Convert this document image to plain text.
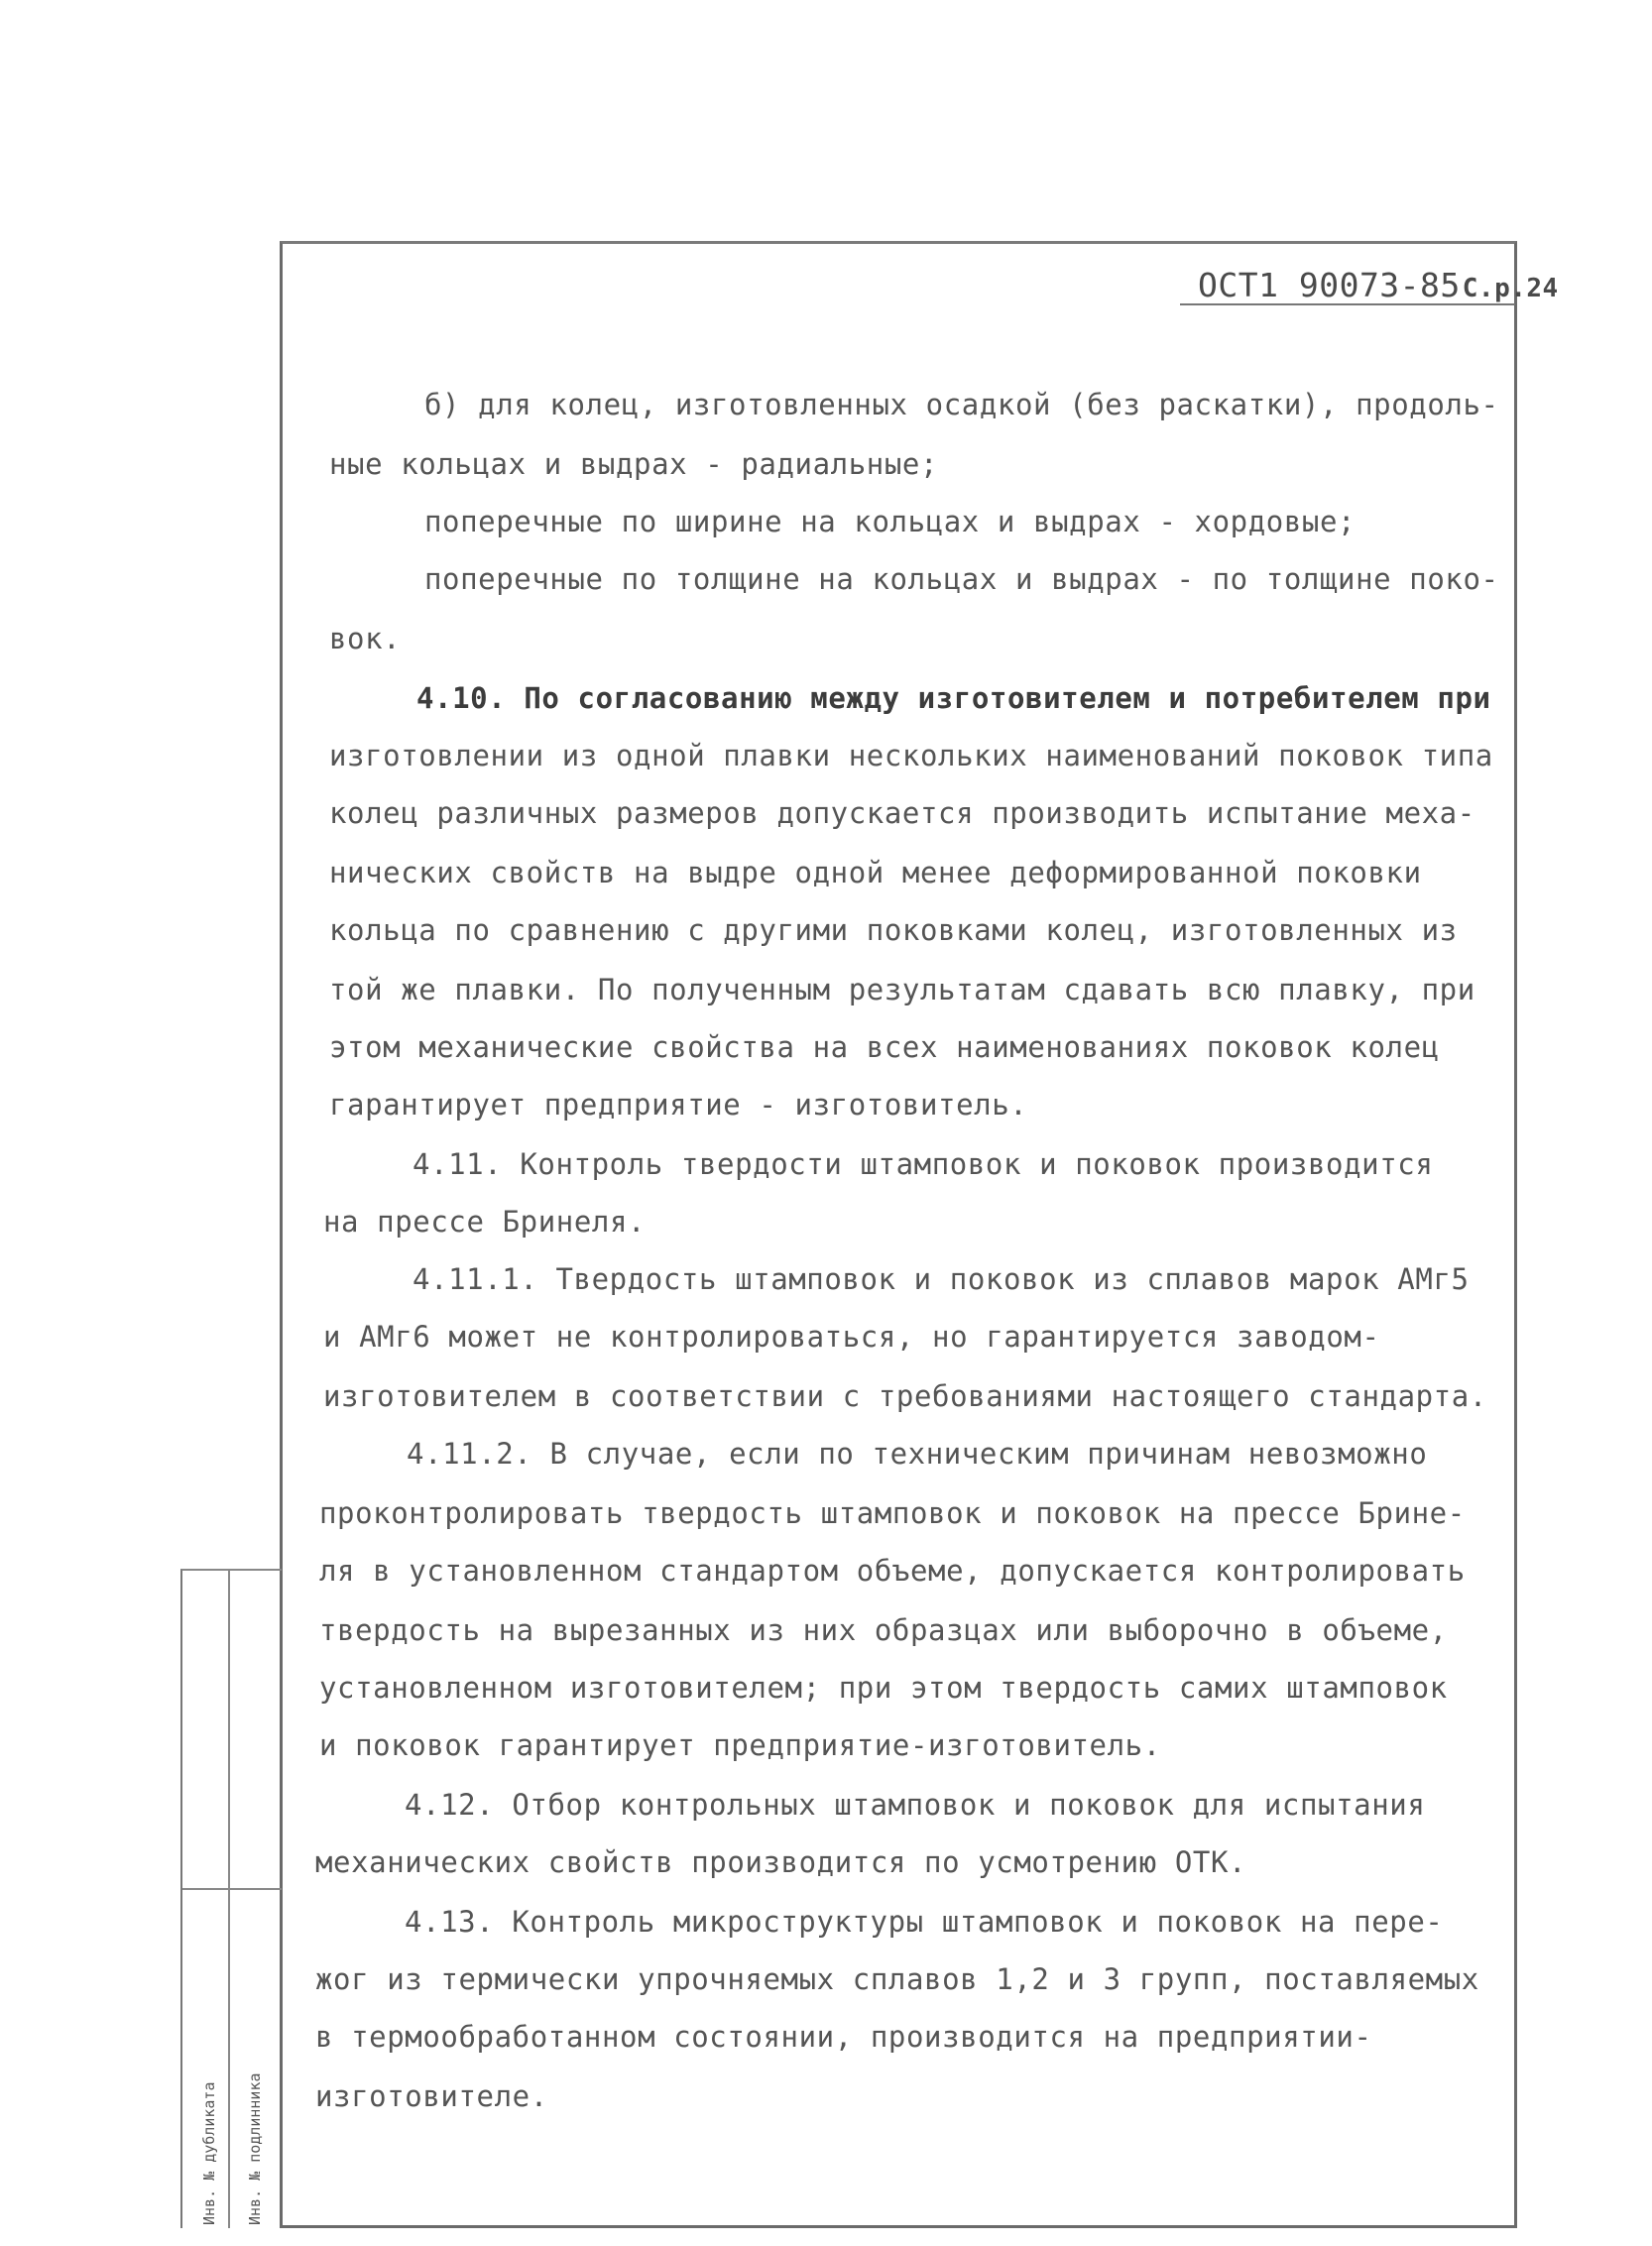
ОСТ1 90073-85С.р.24
б) для колец, изготовленных осадкой (без раскатки), продоль-
ные кольцах и выдрах - радиальные;
поперечные по ширине на кольцах и выдрах - хордовые;
поперечные по толщине на кольцах и выдрах - по толщине поко-
вок.
4.10. По согласованию между изготовителем и потребителем при
изготовлении из одной плавки нескольких наименований поковок типа
колец различных размеров допускается производить испытание меха-
нических свойств на выдре одной менее деформированной поковки
кольца по сравнению с другими поковками колец, изготовленных из
той же плавки. По полученным результатам сдавать всю плавку, при
этом механические свойства на всех наименованиях поковок колец
гарантирует предприятие - изготовитель.
4.11. Контроль твердости штамповок и поковок производится
на прессе Бринеля.
4.11.1. Твердость штамповок и поковок из сплавов марок АМг5
и АМг6 может не контролироваться, но гарантируется заводом-
изготовителем в соответствии с требованиями настоящего стандарта.
4.11.2. В случае, если по техническим причинам невозможно
проконтролировать твердость штамповок и поковок на прессе Брине-
ля в установленном стандартом объеме, допускается контролировать
твердость на вырезанных из них образцах или выборочно в объеме,
установленном изготовителем; при этом твердость самих штамповок
и поковок гарантирует предприятие-изготовитель.
4.12. Отбор контрольных штамповок и поковок для испытания
механических свойств производится по усмотрению ОТК.
4.13. Контроль микроструктуры штамповок и поковок на пере-
жог из термически упрочняемых сплавов 1,2 и 3 групп, поставляемых
в термообработанном состоянии, производится на предприятии-
изготовителе.
Инв. № дубликата Инв. № подлинника
